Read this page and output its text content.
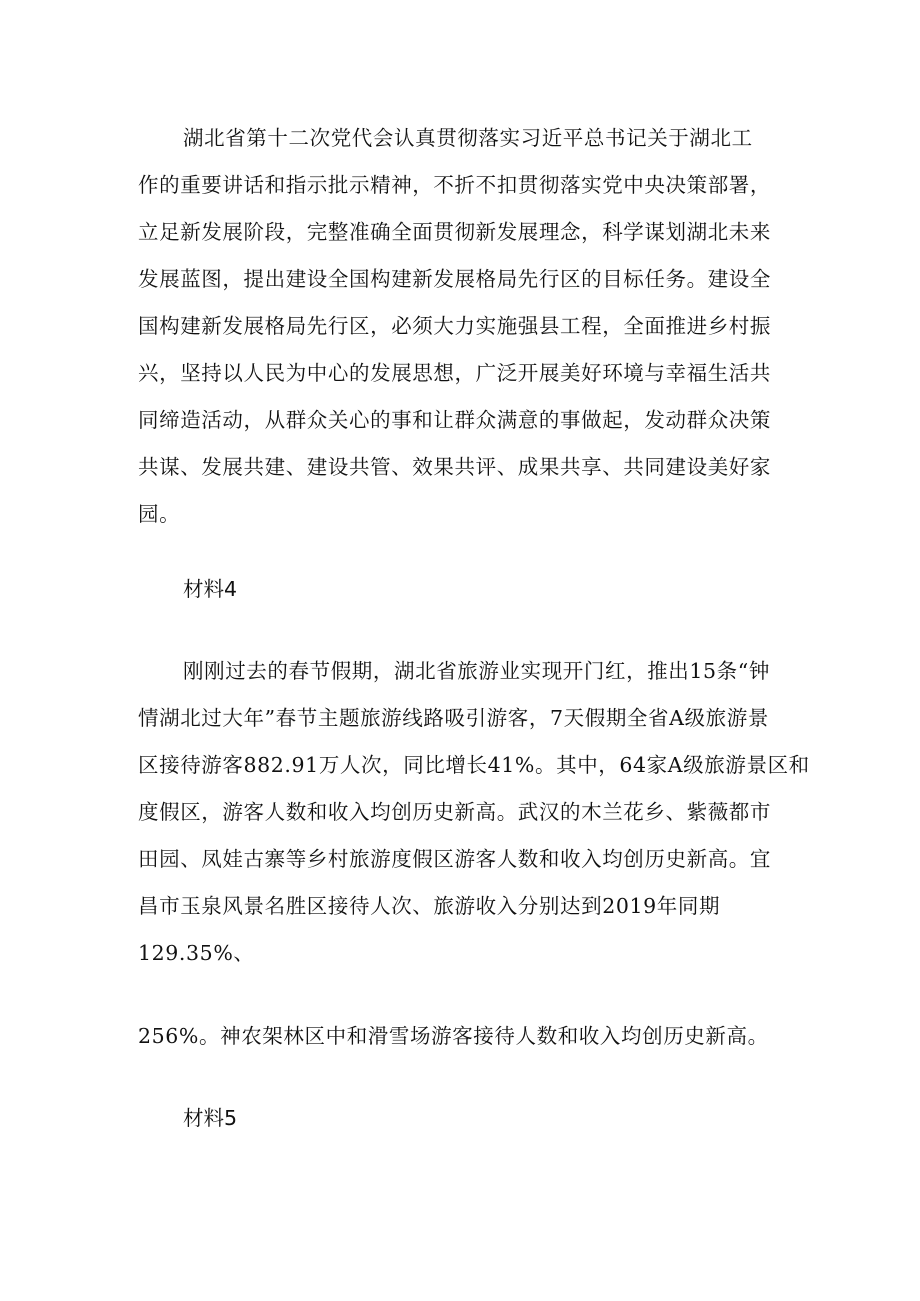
湖北省第十二次党代会认真贯彻落实习近平总书记关于湖北工
作的重要讲话和指示批示精神，不折不扣贯彻落实党中央决策部署，
立足新发展阶段，完整准确全面贯彻新发展理念，科学谋划湖北未来
发展蓝图，提出建设全国构建新发展格局先行区的目标任务。建设全
国构建新发展格局先行区，必须大力实施强县工程，全面推进乡村振
兴，坚持以人民为中心的发展思想，广泛开展美好环境与幸福生活共
同缔造活动，从群众关心的事和让群众满意的事做起，发动群众决策
共谋、发展共建、建设共管、效果共评、成果共享、共同建设美好家
园。
材料4
刚刚过去的春节假期，湖北省旅游业实现开门红，推出15条“钟
情湖北过大年”春节主题旅游线路吸引游客，7天假期全省A级旅游景
区接待游客882.91万人次，同比增长41%。其中，64家A级旅游景区和
度假区，游客人数和收入均创历史新高。武汉的木兰花乡、紫薇都市
田园、凤娃古寨等乡村旅游度假区游客人数和收入均创历史新高。宜
昌市玉泉风景名胜区接待人次、旅游收入分别达到2019年同期
129.35%、
256%。神农架林区中和滑雪场游客接待人数和收入均创历史新高。
材料5
